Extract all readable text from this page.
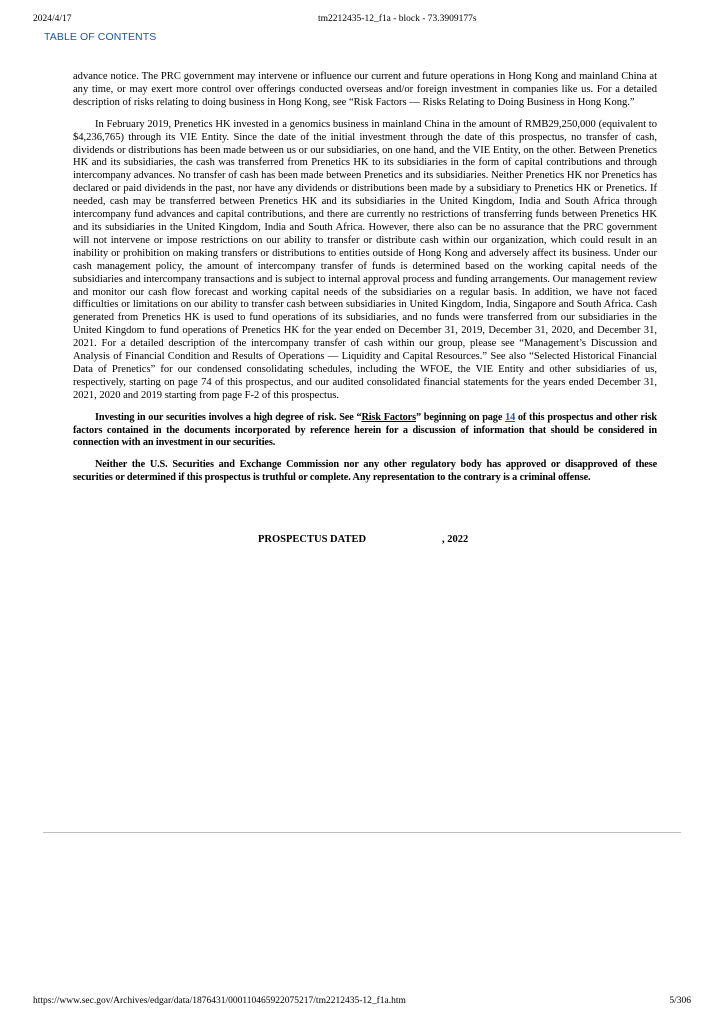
2024/4/17	tm2212435-12_f1a - block - 73.3909177s
TABLE OF CONTENTS

advance notice. The PRC government may intervene or influence our current and future operations in Hong Kong and mainland China at any time, or may exert more control over offerings conducted overseas and/or foreign investment in companies like us. For a detailed description of risks relating to doing business in Hong Kong, see “Risk Factors — Risks Relating to Doing Business in Hong Kong.”

In February 2019, Prenetics HK invested in a genomics business in mainland China in the amount of RMB29,250,000 (equivalent to $4,236,765) through its VIE Entity. Since the date of the initial investment through the date of this prospectus, no transfer of cash, dividends or distributions has been made between us or our subsidiaries, on one hand, and the VIE Entity, on the other. Between Prenetics HK and its subsidiaries, the cash was transferred from Prenetics HK to its subsidiaries in the form of capital contributions and through intercompany advances. No transfer of cash has been made between Prenetics and its subsidiaries. Neither Prenetics HK nor Prenetics has declared or paid dividends in the past, nor have any dividends or distributions been made by a subsidiary to Prenetics HK or Prenetics. If needed, cash may be transferred between Prenetics HK and its subsidiaries in the United Kingdom, India and South Africa through intercompany fund advances and capital contributions, and there are currently no restrictions of transferring funds between Prenetics HK and its subsidiaries in the United Kingdom, India and South Africa. However, there also can be no assurance that the PRC government will not intervene or impose restrictions on our ability to transfer or distribute cash within our organization, which could result in an inability or prohibition on making transfers or distributions to entities outside of Hong Kong and adversely affect its business. Under our cash management policy, the amount of intercompany transfer of funds is determined based on the working capital needs of the subsidiaries and intercompany transactions and is subject to internal approval process and funding arrangements. Our management review and monitor our cash flow forecast and working capital needs of the subsidiaries on a regular basis. In addition, we have not faced difficulties or limitations on our ability to transfer cash between subsidiaries in United Kingdom, India, Singapore and South Africa. Cash generated from Prenetics HK is used to fund operations of its subsidiaries, and no funds were transferred from our subsidiaries in the United Kingdom to fund operations of Prenetics HK for the year ended on December 31, 2019, December 31, 2020, and December 31, 2021. For a detailed description of the intercompany transfer of cash within our group, please see “Management’s Discussion and Analysis of Financial Condition and Results of Operations — Liquidity and Capital Resources.” See also “Selected Historical Financial Data of Prenetics” for our condensed consolidating schedules, including the WFOE, the VIE Entity and other subsidiaries of us, respectively, starting on page 74 of this prospectus, and our audited consolidated financial statements for the years ended December 31, 2021, 2020 and 2019 starting from page F-2 of this prospectus.

Investing in our securities involves a high degree of risk. See “Risk Factors” beginning on page 14 of this prospectus and other risk factors contained in the documents incorporated by reference herein for a discussion of information that should be considered in connection with an investment in our securities.

Neither the U.S. Securities and Exchange Commission nor any other regulatory body has approved or disapproved of these securities or determined if this prospectus is truthful or complete. Any representation to the contrary is a criminal offense.

PROSPECTUS DATED	, 2022
https://www.sec.gov/Archives/edgar/data/1876431/000110465922075217/tm2212435-12_f1a.htm	5/306
